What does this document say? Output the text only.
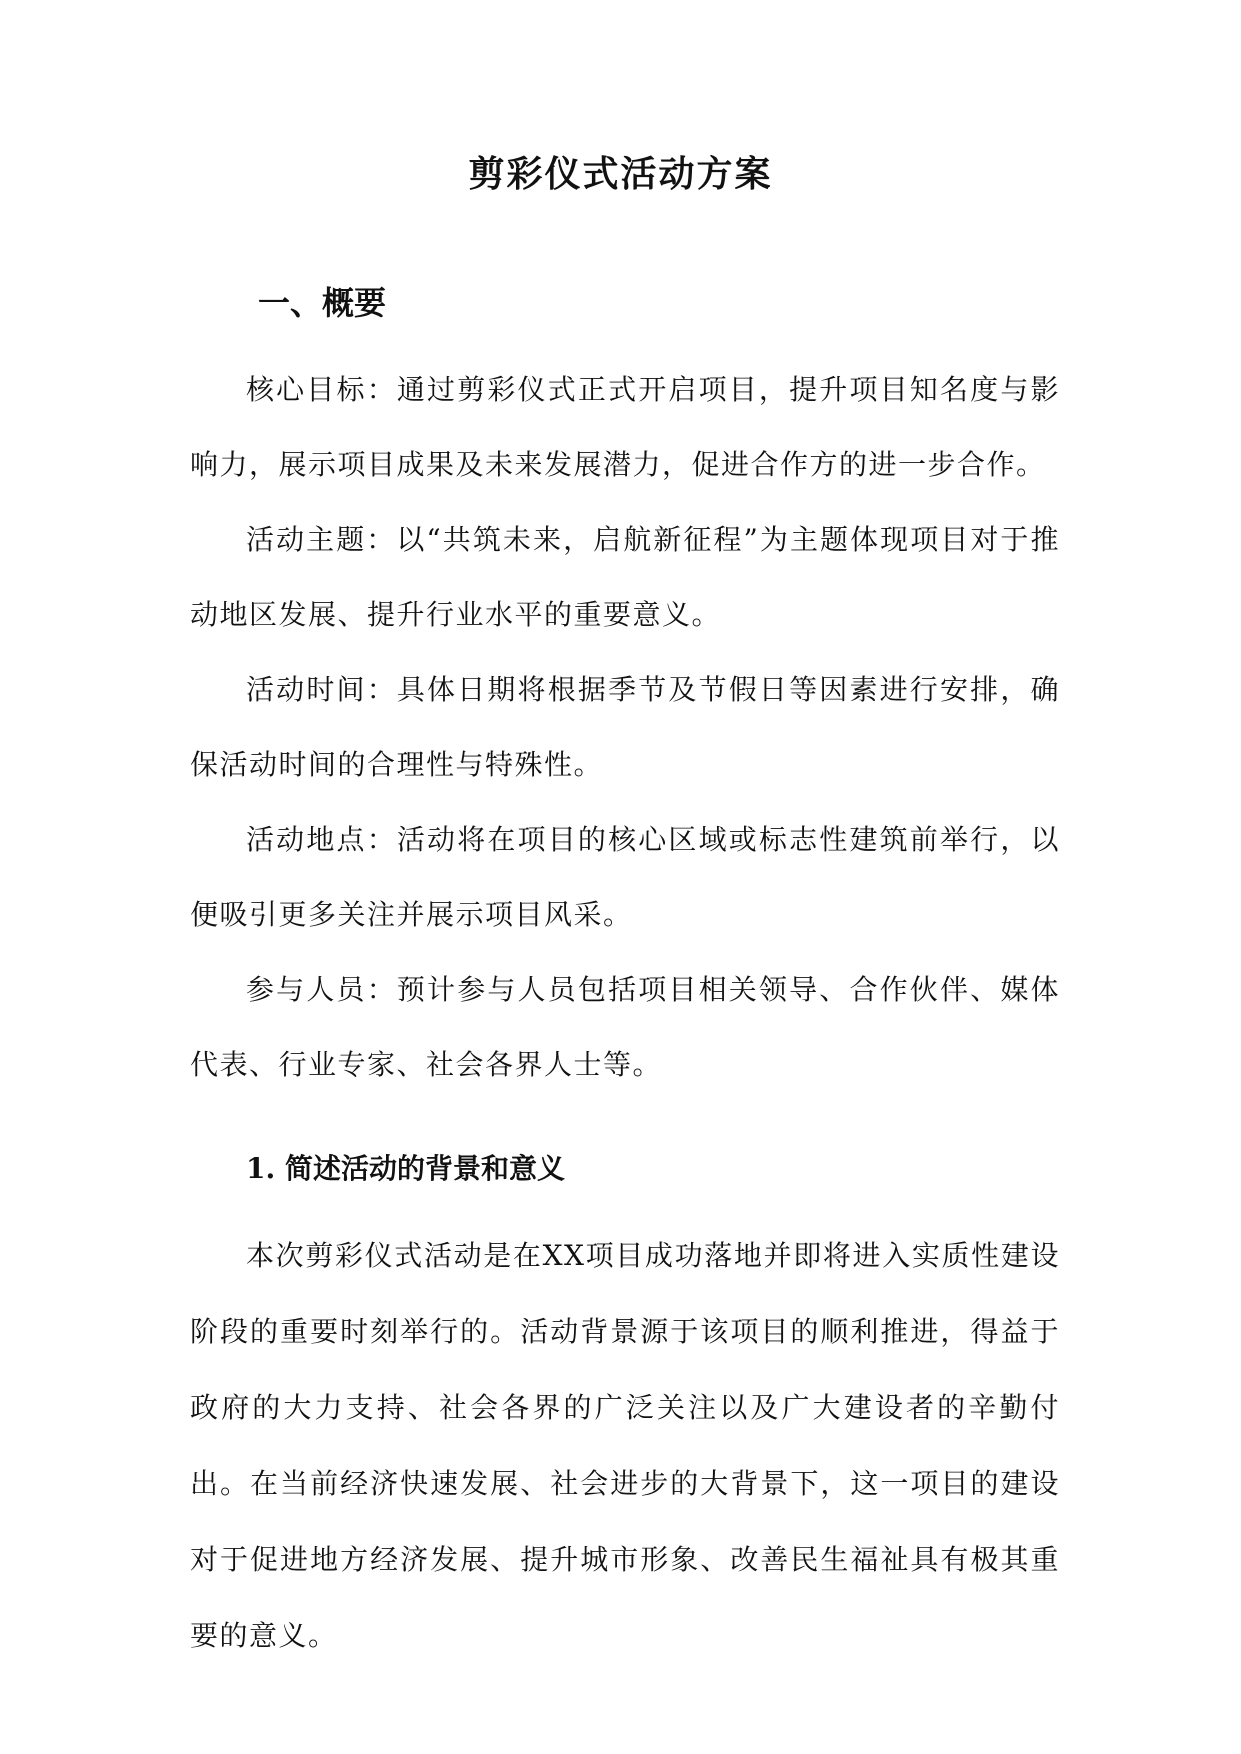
剪彩仪式活动方案
一、概要

核心目标：通过剪彩仪式正式开启项目，提升项目知名度与影响力，展示项目成果及未来发展潜力，促进合作方的进一步合作。

活动主题：以“共筑未来，启航新征程”为主题体现项目对于推动地区发展、提升行业水平的重要意义。

活动时间：具体日期将根据季节及节假日等因素进行安排，确保活动时间的合理性与特殊性。

活动地点：活动将在项目的核心区域或标志性建筑前举行，以便吸引更多关注并展示项目风采。

参与人员：预计参与人员包括项目相关领导、合作伙伴、媒体代表、行业专家、社会各界人士等。

1. 简述活动的背景和意义

本次剪彩仪式活动是在XX项目成功落地并即将进入实质性建设阶段的重要时刻举行的。活动背景源于该项目的顺利推进，得益于政府的大力支持、社会各界的广泛关注以及广大建设者的辛勤付出。在当前经济快速发展、社会进步的大背景下，这一项目的建设对于促进地方经济发展、提升城市形象、改善民生福祉具有极其重要的意义。
